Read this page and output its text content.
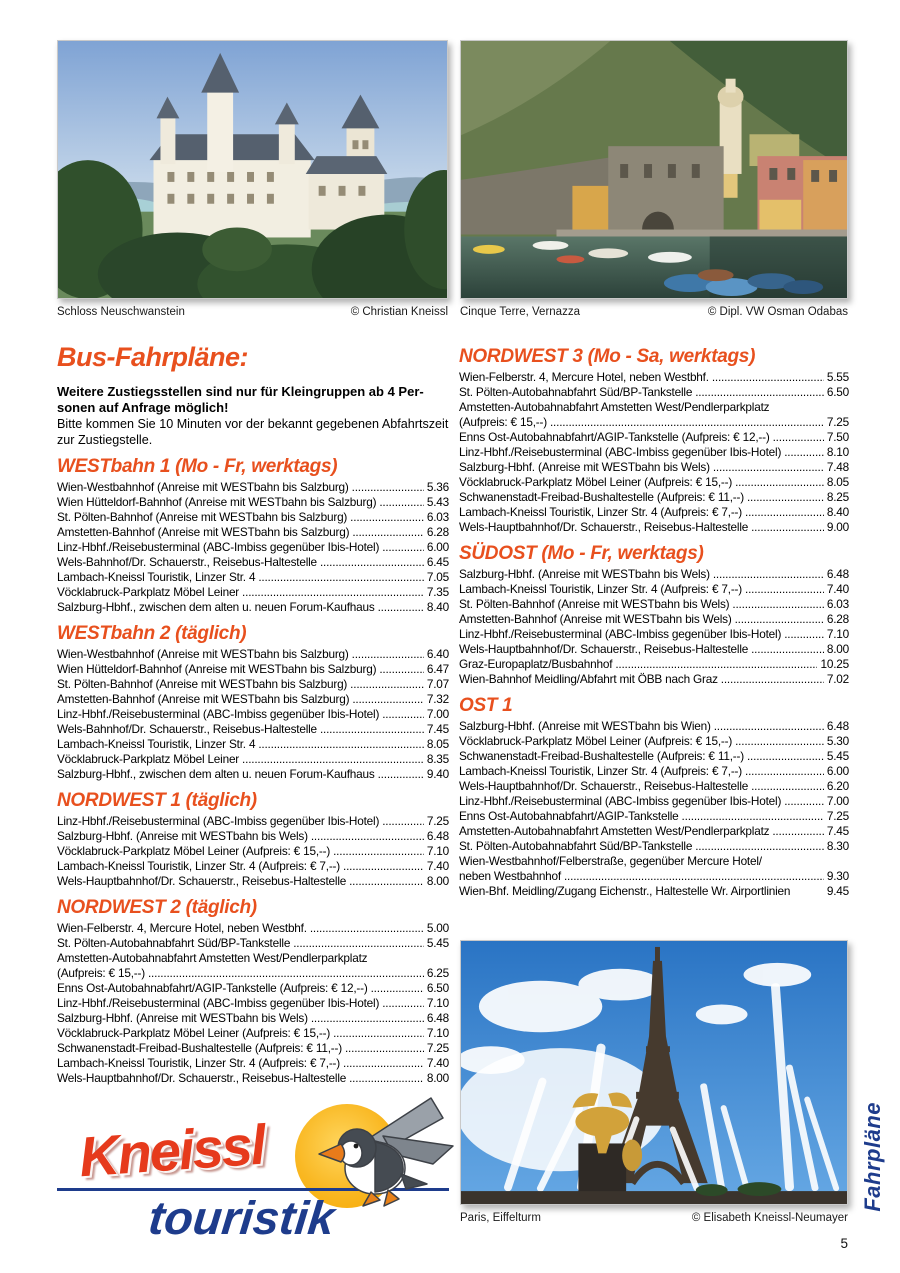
Schloss Neuschwanstein	© Christian Kneissl Cinque Terre, Vernazza	© Dipl. VW Osman Odabas
Bus-Fahrpläne:
Weitere Zustiegsstellen sind nur für Kleingruppen ab 4 Per-
sonen auf Anfrage möglich!
Bitte kommen Sie 10 Minuten vor der bekannt gegebenen Abfahrtszeit
zur Zustiegstelle.
WESTbahn 1 (Mo - Fr, werktags)
Wien-Westbahnhof (Anreise mit WESTbahn bis Salzburg) .....	5.36
Wien Hütteldorf-Bahnhof (Anreise mit WESTbahn bis Salzburg) .....	5.43
St. Pölten-Bahnhof (Anreise mit WESTbahn bis Salzburg) .....	6.03
Amstetten-Bahnhof (Anreise mit WESTbahn bis Salzburg) .....	6.28
Linz-Hbhf./Reisebusterminal (ABC-Imbiss gegenüber Ibis-Hotel) .....	6.00
Wels-Bahnhof/Dr. Schauerstr., Reisebus-Haltestelle .....	6.45
Lambach-Kneissl Touristik, Linzer Str. 4 .....	7.05
Vöcklabruck-Parkplatz Möbel Leiner .....	7.35
Salzburg-Hbhf., zwischen dem alten u. neuen Forum-Kaufhaus .....	8.40
WESTbahn 2 (täglich)
Wien-Westbahnhof (Anreise mit WESTbahn bis Salzburg) .....	6.40
Wien Hütteldorf-Bahnhof (Anreise mit WESTbahn bis Salzburg) .....	6.47
St. Pölten-Bahnhof (Anreise mit WESTbahn bis Salzburg) .....	7.07
Amstetten-Bahnhof (Anreise mit WESTbahn bis Salzburg) .....	7.32
Linz-Hbhf./Reisebusterminal (ABC-Imbiss gegenüber Ibis-Hotel) .....	7.00
Wels-Bahnhof/Dr. Schauerstr., Reisebus-Haltestelle .....	7.45
Lambach-Kneissl Touristik, Linzer Str. 4 .....	8.05
Vöcklabruck-Parkplatz Möbel Leiner .....	8.35
Salzburg-Hbhf., zwischen dem alten u. neuen Forum-Kaufhaus .....	9.40
NORDWEST 1 (täglich)
Linz-Hbhf./Reisebusterminal (ABC-Imbiss gegenüber Ibis-Hotel) .....	7.25
Salzburg-Hbhf. (Anreise mit WESTbahn bis Wels) .....	6.48
Vöcklabruck-Parkplatz Möbel Leiner (Aufpreis: € 15,--) .....	7.10
Lambach-Kneissl Touristik, Linzer Str. 4 (Aufpreis: € 7,--) .....	7.40
Wels-Hauptbahnhof/Dr. Schauerstr., Reisebus-Haltestelle .....	8.00
NORDWEST 2 (täglich)
Wien-Felberstr. 4, Mercure Hotel, neben Westbhf. .....	5.00
St. Pölten-Autobahnabfahrt Süd/BP-Tankstelle .....	5.45
Amstetten-Autobahnabfahrt Amstetten West/Pendlerparkplatz
(Aufpreis: € 15,--) .....	6.25
Enns Ost-Autobahnabfahrt/AGIP-Tankstelle (Aufpreis: € 12,--) .....	6.50
Linz-Hbhf./Reisebusterminal (ABC-Imbiss gegenüber Ibis-Hotel) .....	7.10
Salzburg-Hbhf. (Anreise mit WESTbahn bis Wels) .....	6.48
Vöcklabruck-Parkplatz Möbel Leiner (Aufpreis: € 15,--) .....	7.10
Schwanenstadt-Freibad-Bushaltestelle (Aufpreis: € 11,--) .....	7.25
Lambach-Kneissl Touristik, Linzer Str. 4 (Aufpreis: € 7,--) .....	7.40
Wels-Hauptbahnhof/Dr. Schauerstr., Reisebus-Haltestelle .....	8.00
NORDWEST 3 (Mo - Sa, werktags)
Wien-Felberstr. 4, Mercure Hotel, neben Westbhf. .....	5.55
St. Pölten-Autobahnabfahrt Süd/BP-Tankstelle .....	6.50
Amstetten-Autobahnabfahrt Amstetten West/Pendlerparkplatz
(Aufpreis: € 15,--) .....	7.25
Enns Ost-Autobahnabfahrt/AGIP-Tankstelle (Aufpreis: € 12,--) .....	7.50
Linz-Hbhf./Reisebusterminal (ABC-Imbiss gegenüber Ibis-Hotel) .....	8.10
Salzburg-Hbhf. (Anreise mit WESTbahn bis Wels) .....	7.48
Vöcklabruck-Parkplatz Möbel Leiner (Aufpreis: € 15,--) .....	8.05
Schwanenstadt-Freibad-Bushaltestelle (Aufpreis: € 11,--) .....	8.25
Lambach-Kneissl Touristik, Linzer Str. 4 (Aufpreis: € 7,--) .....	8.40
Wels-Hauptbahnhof/Dr. Schauerstr., Reisebus-Haltestelle .....	9.00
SÜDOST (Mo - Fr, werktags)
Salzburg-Hbhf. (Anreise mit WESTbahn bis Wels) .....	6.48
Lambach-Kneissl Touristik, Linzer Str. 4 (Aufpreis: € 7,--) .....	7.40
St. Pölten-Bahnhof (Anreise mit WESTbahn bis Wels) .....	6.03
Amstetten-Bahnhof (Anreise mit WESTbahn bis Wels) .....	6.28
Linz-Hbhf./Reisebusterminal (ABC-Imbiss gegenüber Ibis-Hotel) .....	7.10
Wels-Hauptbahnhof/Dr. Schauerstr., Reisebus-Haltestelle .....	8.00
Graz-Europaplatz/Busbahnhof .....	10.25
Wien-Bahnhof Meidling/Abfahrt mit ÖBB nach Graz .....	7.02
OST 1
Salzburg-Hbhf. (Anreise mit WESTbahn bis Wien) .....	6.48
Vöcklabruck-Parkplatz Möbel Leiner (Aufpreis: € 15,--) .....	5.30
Schwanenstadt-Freibad-Bushaltestelle (Aufpreis: € 11,--) .....	5.45
Lambach-Kneissl Touristik, Linzer Str. 4 (Aufpreis: € 7,--) .....	6.00
Wels-Hauptbahnhof/Dr. Schauerstr., Reisebus-Haltestelle .....	6.20
Linz-Hbhf./Reisebusterminal (ABC-Imbiss gegenüber Ibis-Hotel) .....	7.00
Enns Ost-Autobahnabfahrt/AGIP-Tankstelle .....	7.25
Amstetten-Autobahnabfahrt Amstetten West/Pendlerparkplatz .....	7.45
St. Pölten-Autobahnabfahrt Süd/BP-Tankstelle .....	8.30
Wien-Westbahnhof/Felberstraße, gegenüber Mercure Hotel/
neben Westbahnhof .....	9.30
Wien-Bhf. Meidling/Zugang Eichenstr., Haltestelle Wr. Airportlinien	9.45
Paris, Eiffelturm	© Elisabeth Kneissl-Neumayer
Kneissl
touristik
Fahrpläne
5
